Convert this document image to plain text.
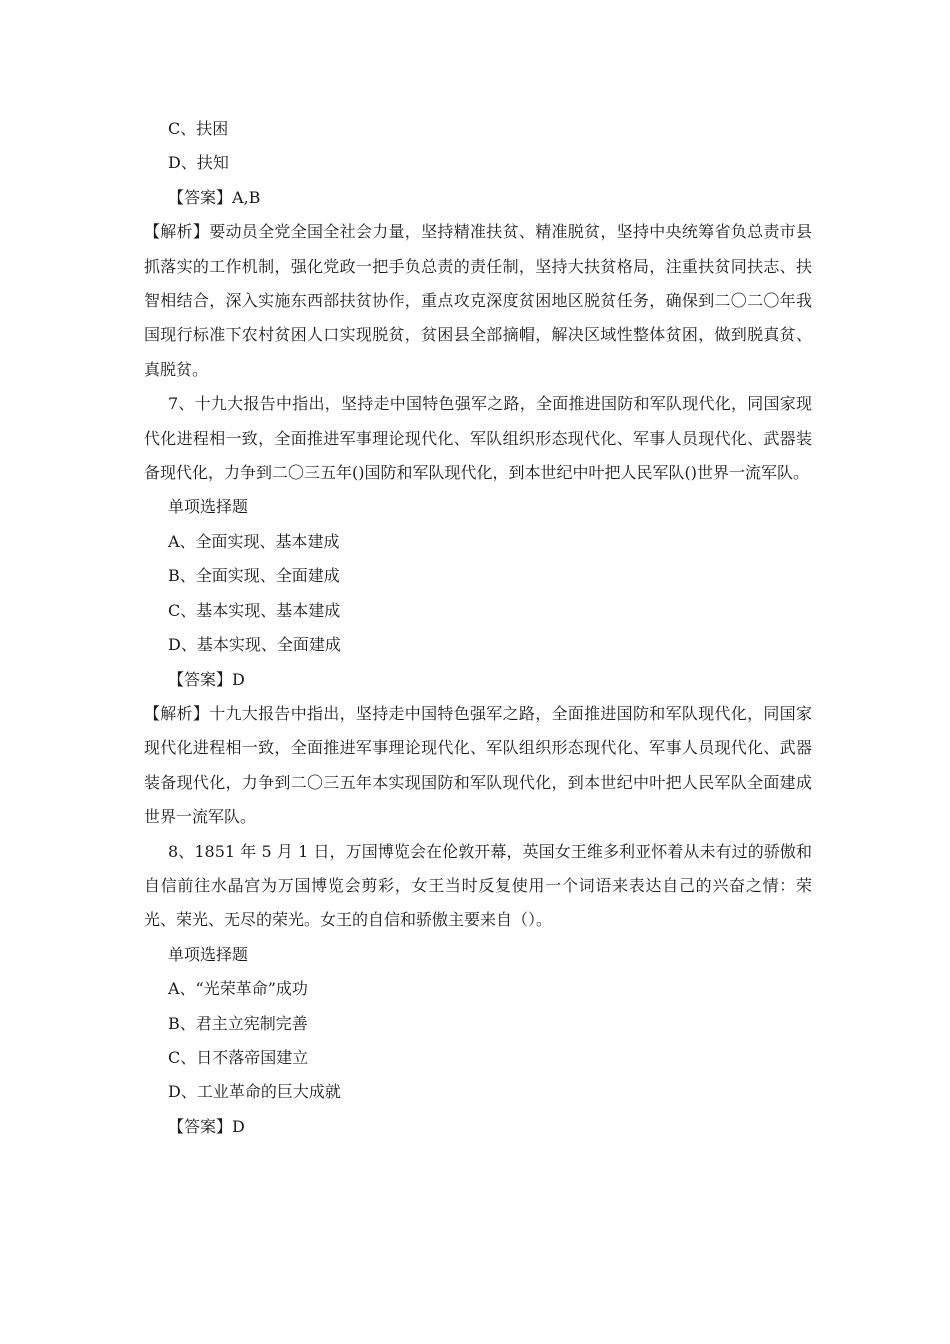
C、扶困

D、扶知

【答案】A,B

【解析】要动员全党全国全社会力量，坚持精准扶贫、精准脱贫，坚持中央统筹省负总责市县抓落实的工作机制，强化党政一把手负总责的责任制，坚持大扶贫格局，注重扶贫同扶志、扶智相结合，深入实施东西部扶贫协作，重点攻克深度贫困地区脱贫任务，确保到二〇二〇年我国现行标准下农村贫困人口实现脱贫，贫困县全部摘帽，解决区域性整体贫困，做到脱真贫、真脱贫。

7、十九大报告中指出，坚持走中国特色强军之路，全面推进国防和军队现代化，同国家现代化进程相一致，全面推进军事理论现代化、军队组织形态现代化、军事人员现代化、武器装备现代化，力争到二〇三五年()国防和军队现代化，到本世纪中叶把人民军队()世界一流军队。

单项选择题

A、全面实现、基本建成

B、全面实现、全面建成

C、基本实现、基本建成

D、基本实现、全面建成

【答案】D

【解析】十九大报告中指出，坚持走中国特色强军之路，全面推进国防和军队现代化，同国家现代化进程相一致，全面推进军事理论现代化、军队组织形态现代化、军事人员现代化、武器装备现代化，力争到二〇三五年本实现国防和军队现代化，到本世纪中叶把人民军队全面建成世界一流军队。

8、1851 年 5 月 1 日，万国博览会在伦敦开幕，英国女王维多利亚怀着从未有过的骄傲和自信前往水晶宫为万国博览会剪彩，女王当时反复使用一个词语来表达自己的兴奋之情：荣光、荣光、无尽的荣光。女王的自信和骄傲主要来自（）。

单项选择题

A、“光荣革命”成功

B、君主立宪制完善

C、日不落帝国建立

D、工业革命的巨大成就

【答案】D
